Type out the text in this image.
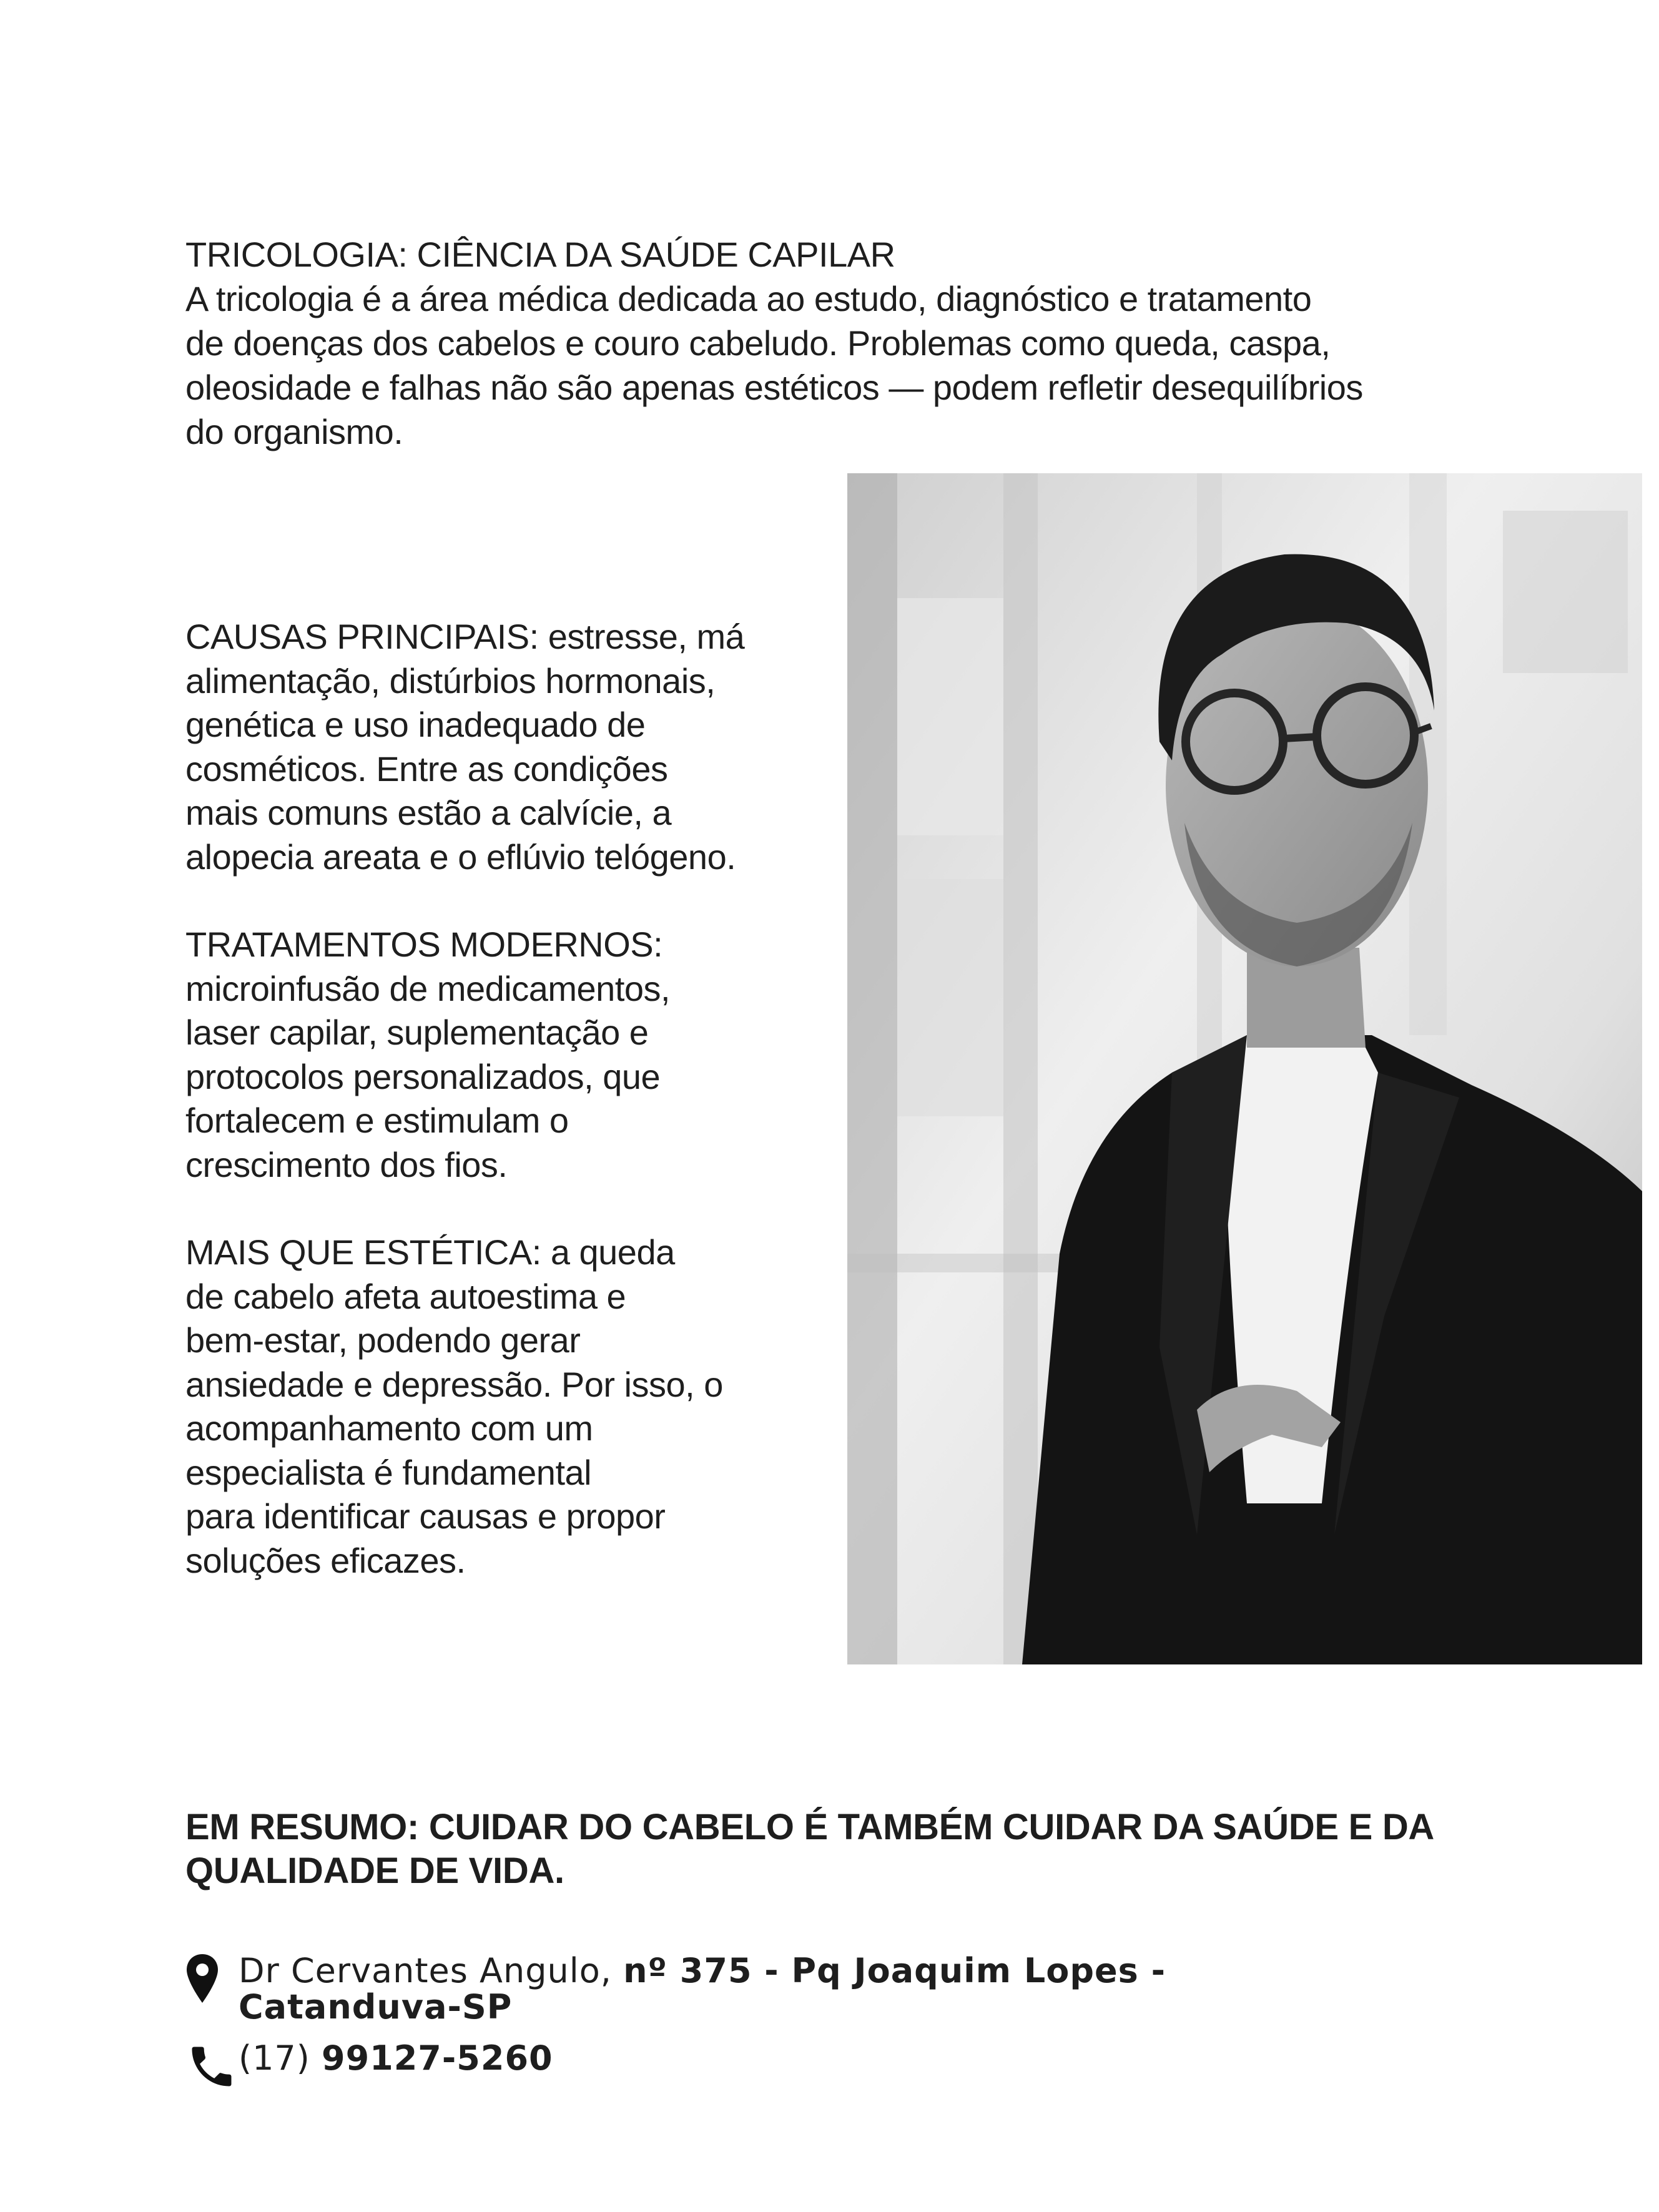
TRICOLOGIA: CIÊNCIA DA SAÚDE CAPILAR

A tricologia é a área médica dedicada ao estudo, diagnóstico e tratamento

de doenças dos cabelos e couro cabeludo. Problemas como queda, caspa,

oleosidade e falhas não são apenas estéticos — podem refletir desequilíbrios

do organismo.

CAUSAS PRINCIPAIS: estresse, má
alimentação, distúrbios hormonais,
genética e uso inadequado de
cosméticos. Entre as condições
mais comuns estão a calvície, a
alopecia areata e o eflúvio telógeno.

TRATAMENTOS MODERNOS:
microinfusão de medicamentos,
laser capilar, suplementação e
protocolos personalizados, que
fortalecem e estimulam o
crescimento dos fios.

MAIS QUE ESTÉTICA: a queda
de cabelo afeta autoestima e
bem-estar, podendo gerar
ansiedade e depressão. Por isso, o
acompanhamento com um
especialista é fundamental
para identificar causas e propor
soluções eficazes.

EM RESUMO: CUIDAR DO CABELO É TAMBÉM CUIDAR DA SAÚDE E DA QUALIDADE DE VIDA.

Dr Cervantes Angulo, nº 375 - Pq Joaquim Lopes -
Catanduva-SP
(17) 99127-5260
